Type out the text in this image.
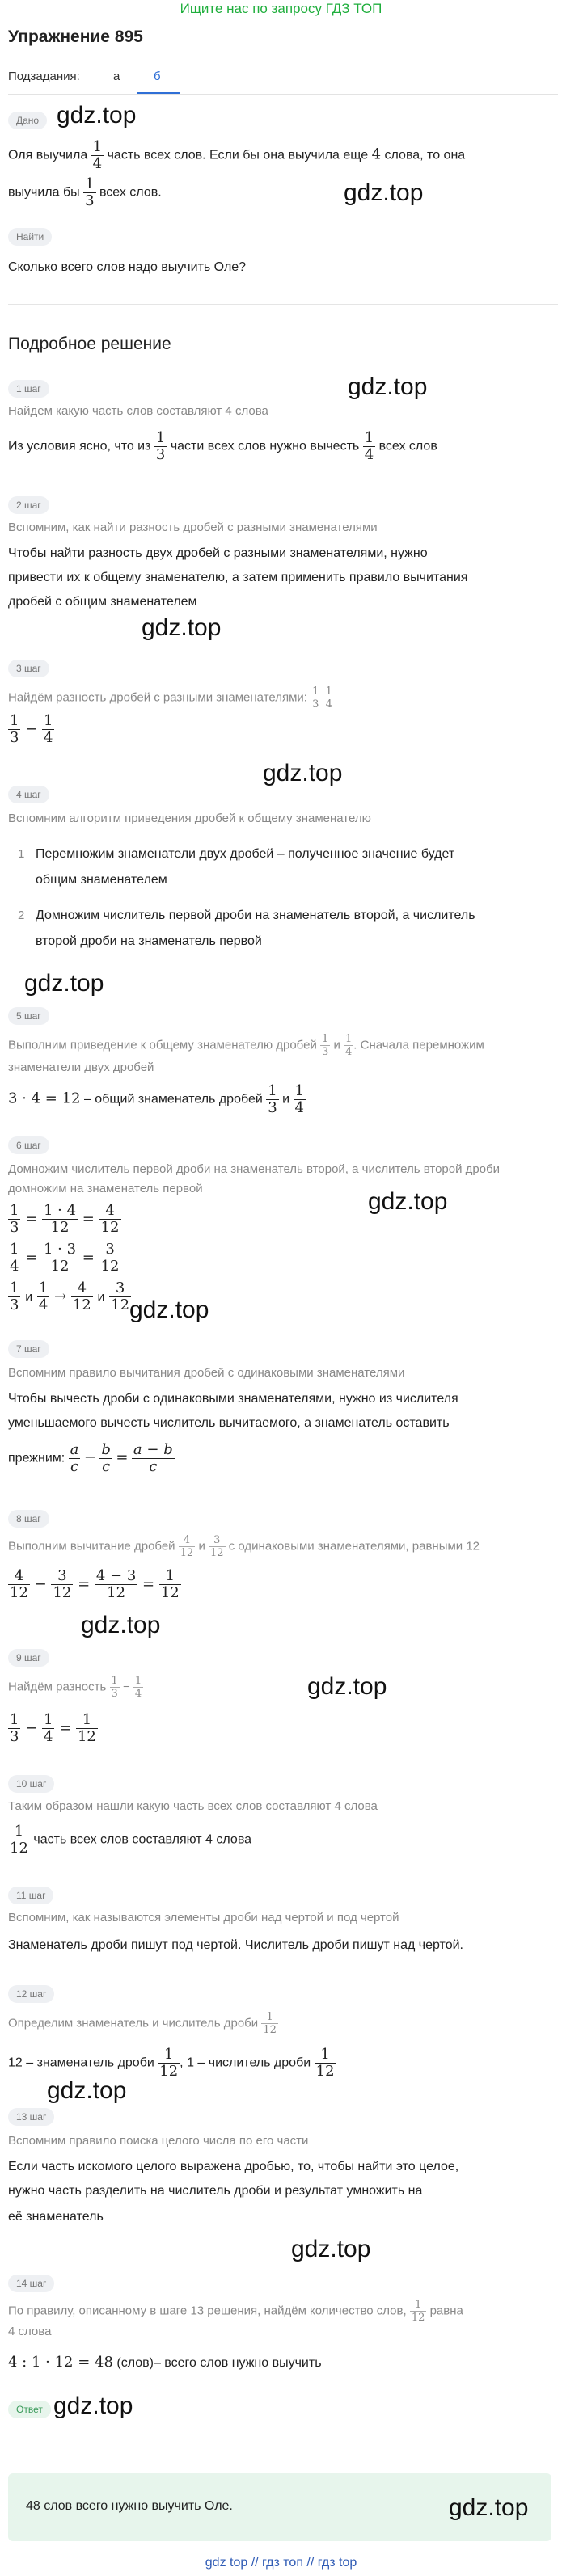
Ищите нас по запросу ГДЗ ТОП
Упражнение 895
Подзадания:	а	б
Дано gdz.top
Оля выучила $\frac{1}{4}$ часть всех слов. Если бы она выучила еще 4 слова, то она
выучила бы $\frac{1}{3}$ всех слов.	gdz.top
Найти
Сколько всего слов надо выучить Оле?
Подробное решение
1 шаг	gdz.top
Найдем какую часть слов составляют 4 слова
Из условия ясно, что из $\frac{1}{3}$ части всех слов нужно вычесть $\frac{1}{4}$ всех слов
2 шаг
Вспомним, как найти разность дробей с разными знаменателями
Чтобы найти разность двух дробей с разными знаменателями, нужно
привести их к общему знаменателю, а затем применить правило вычитания
дробей с общим знаменателем
gdz.top
3 шаг
Найдём разность дробей с разными знаменателями: $\frac{1}{3}$
$\frac{1}{4}$
$\frac{1}{3} - \frac{1}{4}$
gdz.top
4 шаг
Вспомним алгоритм приведения дробей к общему знаменателю
1 Перемножим знаменатели двух дробей – полученное значение будет
общим знаменателем
2 Домножим числитель первой дроби на знаменатель второй, а числитель
второй дроби на знаменатель первой
gdz.top
5 шаг
Выполним приведение к общему знаменателю дробей $\frac{1}{3}$ и $\frac{1}{4}$ . Сначала перемножим
знаменатели двух дробей
3 · 4 = 12 – общий знаменатель дробей $\frac{1}{3}$ и $\frac{1}{4}$
6 шаг
Домножим числитель первой дроби на знаменатель второй, а числитель второй дроби
домножим на знаменатель первой	gdz.top
$\frac{1}{3} = \frac{1 \cdot 4}{12} = \frac{4}{12}$
$\frac{1}{4} = \frac{1 \cdot 3}{12} = \frac{3}{12}$
$\frac{1}{3}$ и $\frac{1}{4} \to \frac{4}{12}$ и $\frac{3}{12}$
gdz.top
7 шаг
Вспомним правило вычитания дробей с одинаковыми знаменателями
Чтобы вычесть дроби с одинаковыми знаменателями, нужно из числителя
уменьшаемого вычесть числитель вычитаемого, а знаменатель оставить
прежним: $\frac{a}{c} - \frac{b}{c} = \frac{a - b}{c}$
8 шаг
Выполним вычитание дробей $\frac{4}{12}$ и $\frac{3}{12}$ с одинаковыми знаменателями, равными 12
$\frac{4}{12} - \frac{3}{12} = \frac{4 - 3}{12} = \frac{1}{12}$
gdz.top
9 шаг
gdz.top
Найдём разность $\frac{1}{3} - \frac{1}{4}$
$\frac{1}{3} - \frac{1}{4} = \frac{1}{12}$
10 шаг
Таким образом нашли какую часть всех слов составляют 4 слова
$\frac{1}{12}$ часть всех слов составляют 4 слова
11 шаг
Вспомним, как называются элементы дроби над чертой и под чертой
Знаменатель дроби пишут под чертой. Числитель дроби пишут над чертой.
12 шаг
Определим знаменатель и числитель дроби $\frac{1}{12}$
12 – знаменатель дроби $\frac{1}{12}$ , 1 – числитель дроби $\frac{1}{12}$
gdz.top
13 шаг
Вспомним правило поиска целого числа по его части
Если часть искомого целого выражена дробью, то, чтобы найти это целое,
нужно часть разделить на числитель дроби и результат умножить на
её знаменатель
gdz.top
14 шаг
По правилу, описанному в шаге 13 решения, найдём количество слов, $\frac{1}{12}$ равна
4 слова
4 : 1 · 12 = 48 (слов)– всего слов нужно выучить
Ответ gdz.top
48 слов всего нужно выучить Оле.	gdz.top
gdz top // гдз топ // гдз top
